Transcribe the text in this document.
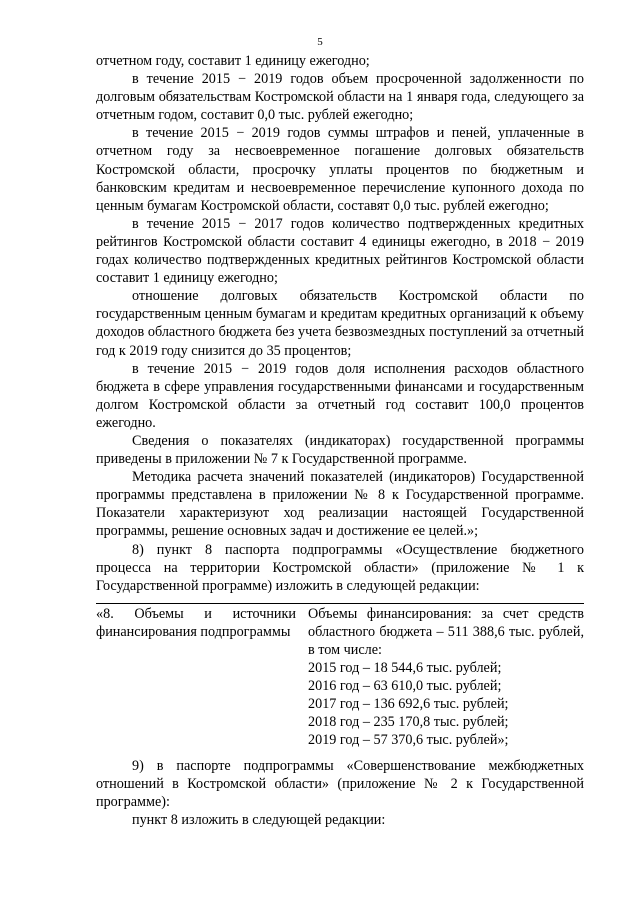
5

отчетном году, составит 1 единицу ежегодно;

в течение 2015 − 2019 годов объем просроченной задолженности по долговым обязательствам Костромской области на 1 января года, следующего за отчетным годом, составит 0,0 тыс. рублей ежегодно;

в течение 2015 − 2019 годов суммы штрафов и пеней, уплаченные в отчетном году за несвоевременное погашение долговых обязательств Костромской области, просрочку уплаты процентов по бюджетным и банковским кредитам и несвоевременное перечисление купонного дохода по ценным бумагам Костромской области, составят 0,0 тыс. рублей ежегодно;

в течение 2015 − 2017 годов количество подтвержденных кредитных рейтингов Костромской области составит 4 единицы ежегодно, в 2018 − 2019 годах количество подтвержденных кредитных рейтингов Костромской области составит 1 единицу ежегодно;

отношение долговых обязательств Костромской области по государственным ценным бумагам и кредитам кредитных организаций к объему доходов областного бюджета без учета безвозмездных поступлений за отчетный год к 2019 году снизится до 35 процентов;

в течение 2015 − 2019 годов доля исполнения расходов областного бюджета в сфере управления государственными финансами и государственным долгом Костромской области за отчетный год составит 100,0 процентов ежегодно.

Сведения о показателях (индикаторах) государственной программы приведены в приложении № 7 к Государственной программе.

Методика расчета значений показателей (индикаторов) Государственной программы представлена в приложении № 8 к Государственной программе. Показатели характеризуют ход реализации настоящей Государственной программы, решение основных задач и достижение ее целей.»;

8) пункт 8 паспорта подпрограммы «Осуществление бюджетного процесса на территории Костромской области» (приложение № 1 к Государственной программе) изложить в следующей редакции:

«8. Объемы и источники финансирования подпрограммы
Объемы финансирования: за счет средств областного бюджета – 511 388,6 тыс. рублей, в том числе:
2015 год – 18 544,6 тыс. рублей;
2016 год – 63 610,0 тыс. рублей;
2017 год – 136 692,6 тыс. рублей;
2018 год – 235 170,8 тыс. рублей;
2019 год – 57 370,6 тыс. рублей»;

9) в паспорте подпрограммы «Совершенствование межбюджетных отношений в Костромской области» (приложение № 2 к Государственной программе):

пункт 8 изложить в следующей редакции:
